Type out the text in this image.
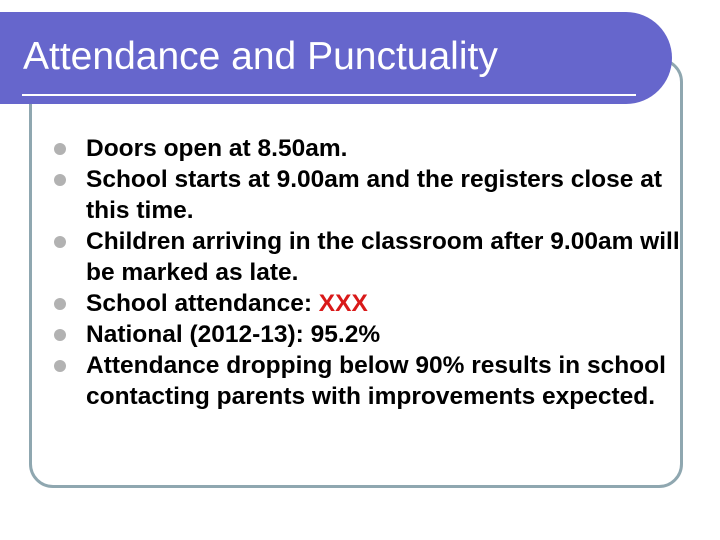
Attendance and Punctuality
Doors open at 8.50am.
School starts at 9.00am and the registers close at this time.
Children arriving in the classroom after 9.00am will be marked as late.
School attendance: XXX
National (2012-13): 95.2%
Attendance dropping below 90% results in school contacting parents with improvements expected.
